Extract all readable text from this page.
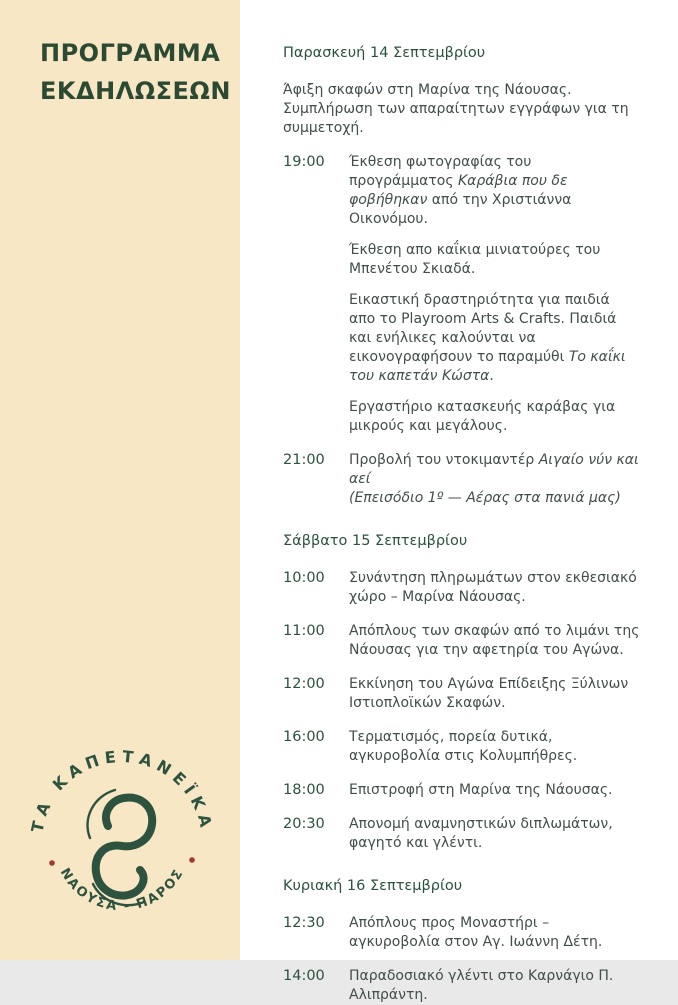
ΠΡΟΓΡΑΜΜΑ
ΕΚΔΗΛΩΣΕΩΝ
ΤΑ ΚΑΠΕΤΑΝΕΪΚΑ
ΝΑΟΥΣΑ - ΠΑΡΟΣ
Παρασκευή 14 Σεπτεμβρίου

Άφιξη σκαφών στη Μαρίνα της Νάουσας. Συμπλήρωση των απαραίτητων εγγράφων για τη συμμετοχή.

19:00	Έκθεση φωτογραφίας του προγράμματος Καράβια που δε φοβήθηκαν από την Χριστιάννα Οικονόμου.

Έκθεση απο καΐκια μινιατούρες του Μπενέτου Σκιαδά.

Εικαστική δραστηριότητα για παιδιά απο το Playroom Arts & Crafts. Παιδιά και ενήλικες καλούνται να εικονογραφήσουν το παραμύθι Το καΐκι του καπετάν Κώστα.

Εργαστήριο κατασκευής καράβας για μικρούς και μεγάλους.

21:00	Προβολή του ντοκιμαντέρ Αιγαίο νύν και αεί
(Επεισόδιο 1º — Αέρας στα πανιά μας)

Σάββατο 15 Σεπτεμβρίου
10:00	Συνάντηση πληρωμάτων στον εκθεσιακό χώρο – Μαρίνα Νάουσας.

11:00	Απόπλους των σκαφών από το λιμάνι της Νάουσας για την αφετηρία του Αγώνα.

12:00	Εκκίνηση του Αγώνα Επίδειξης Ξύλινων Ιστιοπλοϊκών Σκαφών.

16:00	Τερματισμός, πορεία δυτικά, αγκυροβολία στις Κολυμπήθρες.

18:00	Επιστροφή στη Μαρίνα της Νάουσας.

20:30	Απονομή αναμνηστικών διπλωμάτων, φαγητό και γλέντι.

Κυριακή 16 Σεπτεμβρίου
12:30	Απόπλους προς Μοναστήρι – αγκυροβολία στον Αγ. Ιωάννη Δέτη.

14:00	Παραδοσιακό γλέντι στο Καρνάγιο Π. Αλιπράντη.
